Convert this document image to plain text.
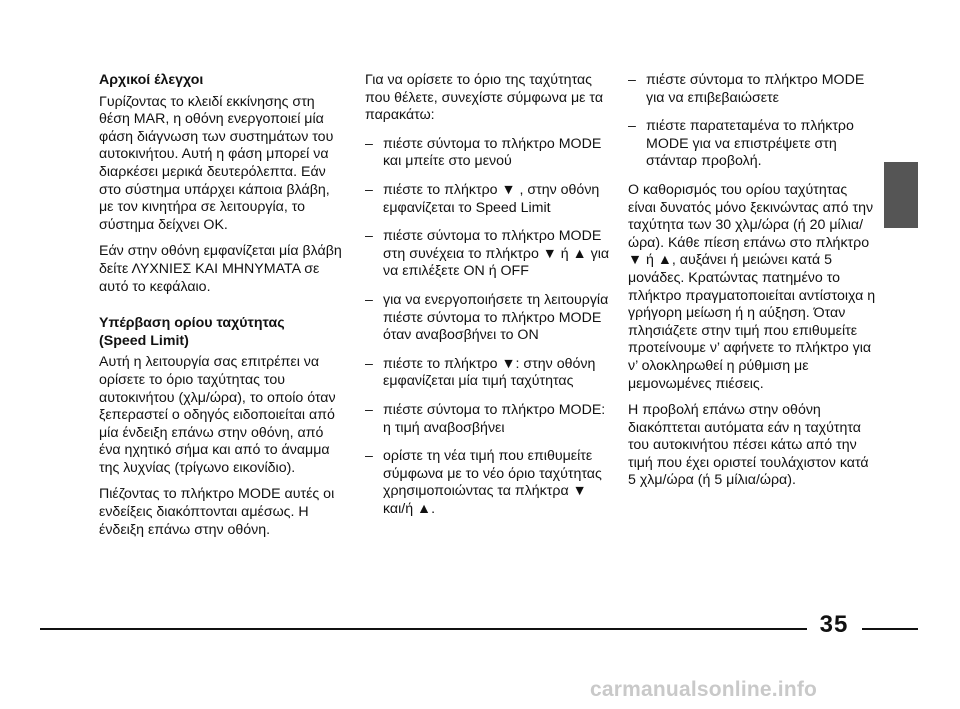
Αρχικοί έλεγχοι

Γυρίζοντας το κλειδί εκκίνησης στη θέση MAR, η οθόνη ενεργοποιεί μία φάση διάγνωση των συστημάτων του αυτοκινήτου. Αυτή η φάση μπορεί να διαρκέσει μερικά δευτερόλεπτα. Εάν στο σύστημα υπάρχει κάποια βλάβη, με τον κινητήρα σε λειτουργία, το σύστημα δείχνει ΟΚ.

Εάν στην οθόνη εμφανίζεται μία βλάβη δείτε ΛΥΧΝΙΕΣ ΚΑΙ ΜΗΝΥΜΑΤΑ σε αυτό το κεφάλαιο.

Υπέρβαση ορίου ταχύτητας
(Speed Limit)

Αυτή η λειτουργία σας επιτρέπει να ορίσετε το όριο ταχύτητας του αυτοκινήτου (χλμ/ώρα), το οποίο όταν ξεπεραστεί ο οδηγός ειδοποιείται από μία ένδειξη επάνω στην οθόνη, από ένα ηχητικό σήμα και από το άναμμα της λυχνίας (τρίγωνο εικονίδιο).

Πιέζοντας το πλήκτρο MODE αυτές οι ενδείξεις διακόπτονται αμέσως. Η ένδειξη επάνω στην οθόνη.

Για να ορίσετε το όριο της ταχύτητας που θέλετε, συνεχίστε σύμφωνα με τα παρακάτω:

– πιέστε σύντομα το πλήκτρο MODE και μπείτε στο μενού
– πιέστε το πλήκτρο ▼ , στην οθόνη εμφανίζεται το Speed Limit
– πιέστε σύντομα το πλήκτρο MODE στη συνέχεια το πλήκτρο ▼ ή ▲ για να επιλέξετε ON ή OFF
– για να ενεργοποιήσετε τη λειτουργία πιέστε σύντομα το πλήκτρο MODE όταν αναβοσβήνει το ON
– πιέστε το πλήκτρο ▼: στην οθόνη εμφανίζεται μία τιμή ταχύτητας
– πιέστε σύντομα το πλήκτρο MODE: η τιμή αναβοσβήνει
– ορίστε τη νέα τιμή που επιθυμείτε σύμφωνα με το νέο όριο ταχύτητας χρησιμοποιώντας τα πλήκτρα ▼ και/ή ▲.
– πιέστε σύντομα το πλήκτρο MODE για να επιβεβαιώσετε
– πιέστε παρατεταμένα το πλήκτρο MODE για να επιστρέψετε στη στάνταρ προβολή.

Ο καθορισμός του ορίου ταχύτητας είναι δυνατός μόνο ξεκινώντας από την ταχύτητα των 30 χλμ/ώρα (ή 20 μίλια/ώρα). Κάθε πίεση επάνω στο πλήκτρο ▼ ή ▲, αυξάνει ή μειώνει κατά 5 μονάδες. Κρατώντας πατημένο το πλήκτρο πραγματοποιείται αντίστοιχα η γρήγορη μείωση ή η αύξηση. Όταν πλησιάζετε στην τιμή που επιθυμείτε προτείνουμε ν’ αφήνετε το πλήκτρο για ν’ ολοκληρωθεί η ρύθμιση με μεμονωμένες πιέσεις.

Η προβολή επάνω στην οθόνη διακόπτεται αυτόματα εάν η ταχύτητα του αυτοκινήτου πέσει κάτω από την τιμή που έχει οριστεί τουλάχιστον κατά 5 χλμ/ώρα (ή 5 μίλια/ώρα).

35
carmanualsonline.info
